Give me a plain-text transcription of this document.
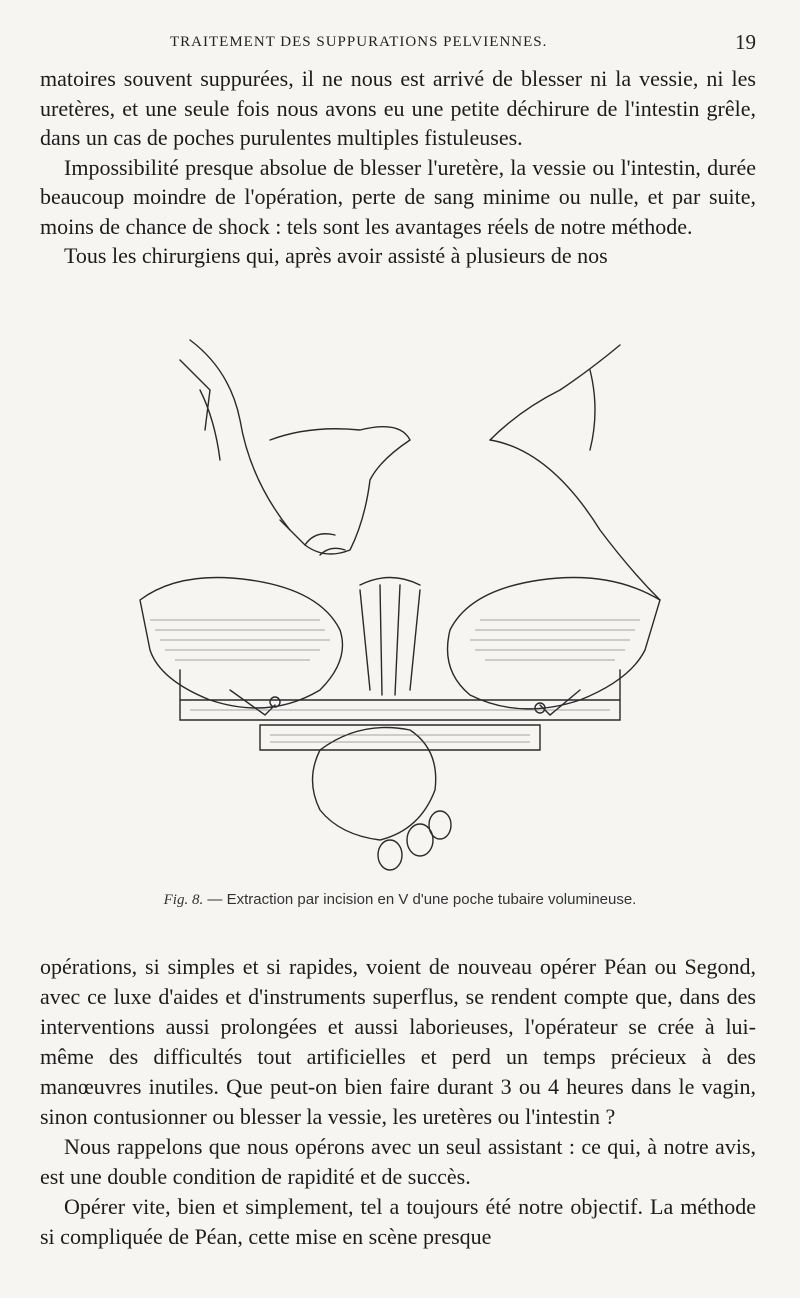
TRAITEMENT DES SUPPURATIONS PELVIENNES.	19

matoires souvent suppurées, il ne nous est arrivé de blesser ni la vessie, ni les uretères, et une seule fois nous avons eu une petite déchirure de l'intestin grêle, dans un cas de poches purulentes multiples fistuleuses.

Impossibilité presque absolue de blesser l'uretère, la vessie ou l'intestin, durée beaucoup moindre de l'opération, perte de sang minime ou nulle, et par suite, moins de chance de shock : tels sont les avantages réels de notre méthode.

Tous les chirurgiens qui, après avoir assisté à plusieurs de nos

Fig. 8. — Extraction par incision en V d'une poche tubaire volumineuse.

opérations, si simples et si rapides, voient de nouveau opérer Péan ou Segond, avec ce luxe d'aides et d'instruments superflus, se rendent compte que, dans des interventions aussi prolongées et aussi laborieuses, l'opérateur se crée à lui-même des difficultés tout artificielles et perd un temps précieux à des manœuvres inutiles. Que peut-on bien faire durant 3 ou 4 heures dans le vagin, sinon contusionner ou blesser la vessie, les uretères ou l'intestin ?

Nous rappelons que nous opérons avec un seul assistant : ce qui, à notre avis, est une double condition de rapidité et de succès.

Opérer vite, bien et simplement, tel a toujours été notre objectif. La méthode si compliquée de Péan, cette mise en scène presque
